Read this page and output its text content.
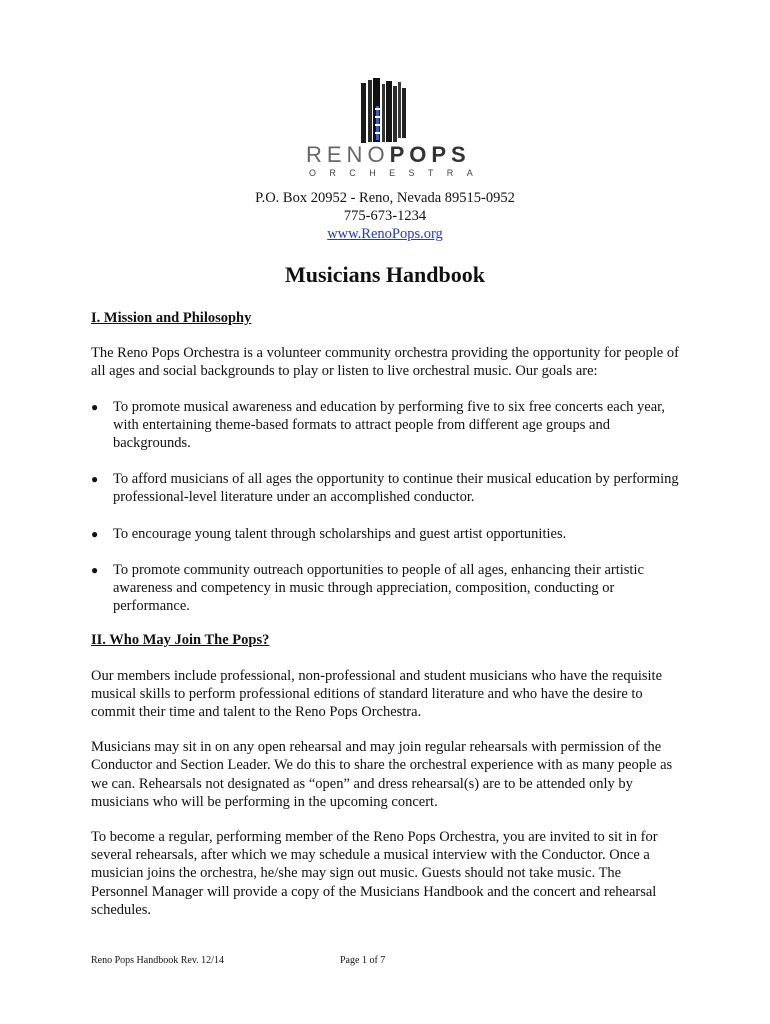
RENOPOPS
ORCHESTRA
P.O. Box 20952 - Reno, Nevada 89515-0952
775-673-1234
www.RenoPops.org
Musicians Handbook
I. Mission and Philosophy

The Reno Pops Orchestra is a volunteer community orchestra providing the opportunity for people of all ages and social backgrounds to play or listen to live orchestral music. Our goals are:

● To promote musical awareness and education by performing five to six free concerts each year, with entertaining theme-based formats to attract people from different age groups and backgrounds.
● To afford musicians of all ages the opportunity to continue their musical education by performing professional-level literature under an accomplished conductor.
● To encourage young talent through scholarships and guest artist opportunities.
● To promote community outreach opportunities to people of all ages, enhancing their artistic awareness and competency in music through appreciation, composition, conducting or performance.
II. Who May Join The Pops?

Our members include professional, non-professional and student musicians who have the requisite musical skills to perform professional editions of standard literature and who have the desire to commit their time and talent to the Reno Pops Orchestra.

Musicians may sit in on any open rehearsal and may join regular rehearsals with permission of the Conductor and Section Leader. We do this to share the orchestral experience with as many people as we can. Rehearsals not designated as “open” and dress rehearsal(s) are to be attended only by musicians who will be performing in the upcoming concert.

To become a regular, performing member of the Reno Pops Orchestra, you are invited to sit in for several rehearsals, after which we may schedule a musical interview with the Conductor. Once a musician joins the orchestra, he/she may sign out music. Guests should not take music. The Personnel Manager will provide a copy of the Musicians Handbook and the concert and rehearsal schedules.

Reno Pops Handbook Rev. 12/14	Page 1 of 7
